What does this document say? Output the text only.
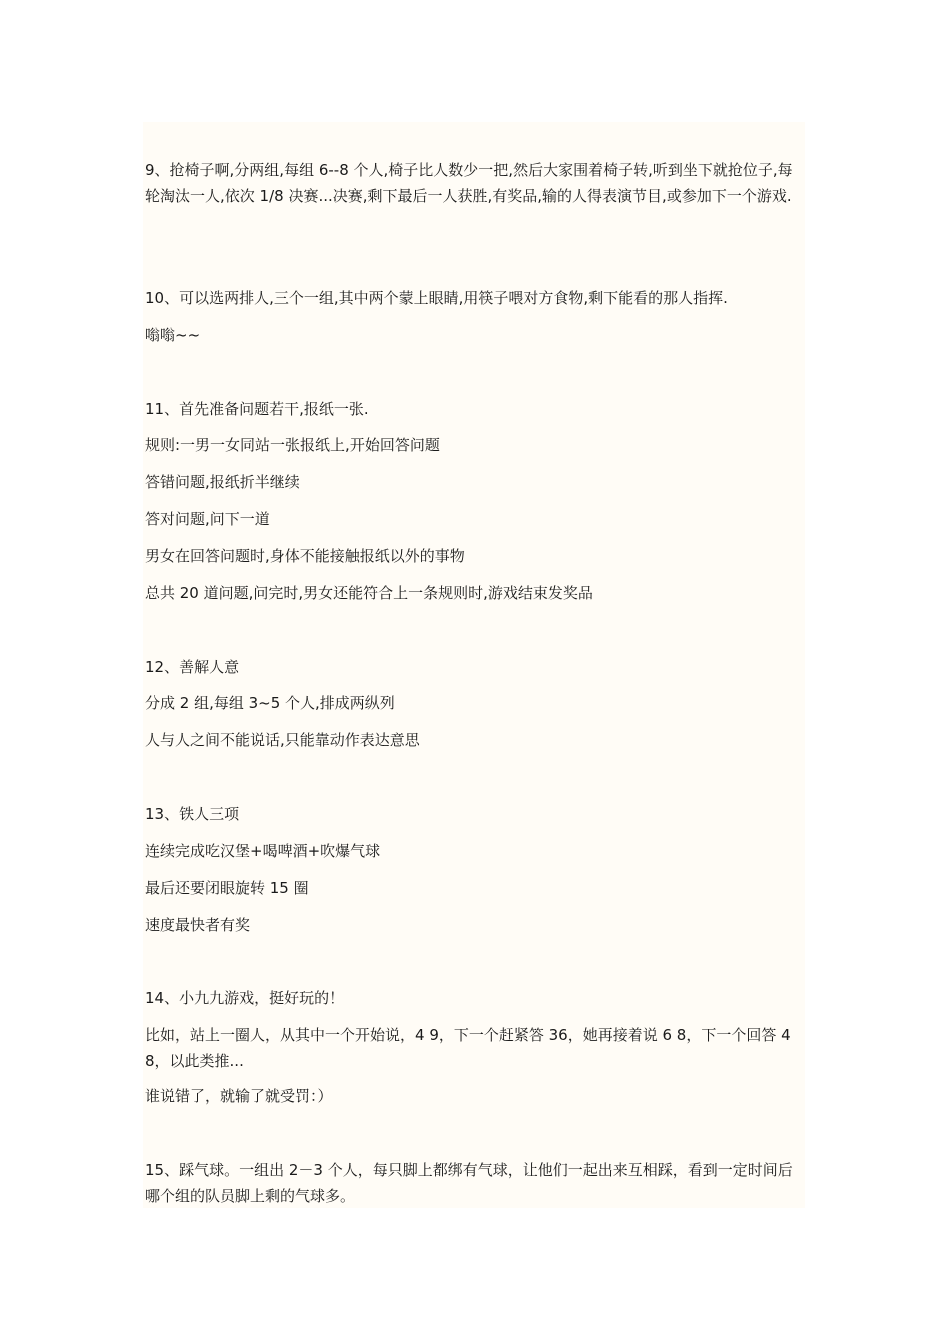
9、抢椅子啊,分两组,每组 6--8 个人,椅子比人数少一把,然后大家围着椅子转,听到坐下就抢位子,每轮淘汰一人,依次 1/8 决赛...决赛,剩下最后一人获胜,有奖品,输的人得表演节目,或参加下一个游戏.

10、可以选两排人,三个一组,其中两个蒙上眼睛,用筷子喂对方食物,剩下能看的那人指挥.

嗡嗡~~

11、首先准备问题若干,报纸一张.

规则:一男一女同站一张报纸上,开始回答问题

答错问题,报纸折半继续

答对问题,问下一道

男女在回答问题时,身体不能接触报纸以外的事物

总共 20 道问题,问完时,男女还能符合上一条规则时,游戏结束发奖品

12、善解人意

分成 2 组,每组 3~5 个人,排成两纵列

人与人之间不能说话,只能靠动作表达意思

13、铁人三项

连续完成吃汉堡+喝啤酒+吹爆气球

最后还要闭眼旋转 15 圈

速度最快者有奖

14、小九九游戏，挺好玩的！

比如，站上一圈人，从其中一个开始说，4 9，下一个赶紧答 36，她再接着说 6 8，下一个回答 48，以此类推...

谁说错了，就输了就受罚：）

15、踩气球。一组出 2－3 个人，每只脚上都绑有气球，让他们一起出来互相踩，看到一定时间后哪个组的队员脚上剩的气球多。
